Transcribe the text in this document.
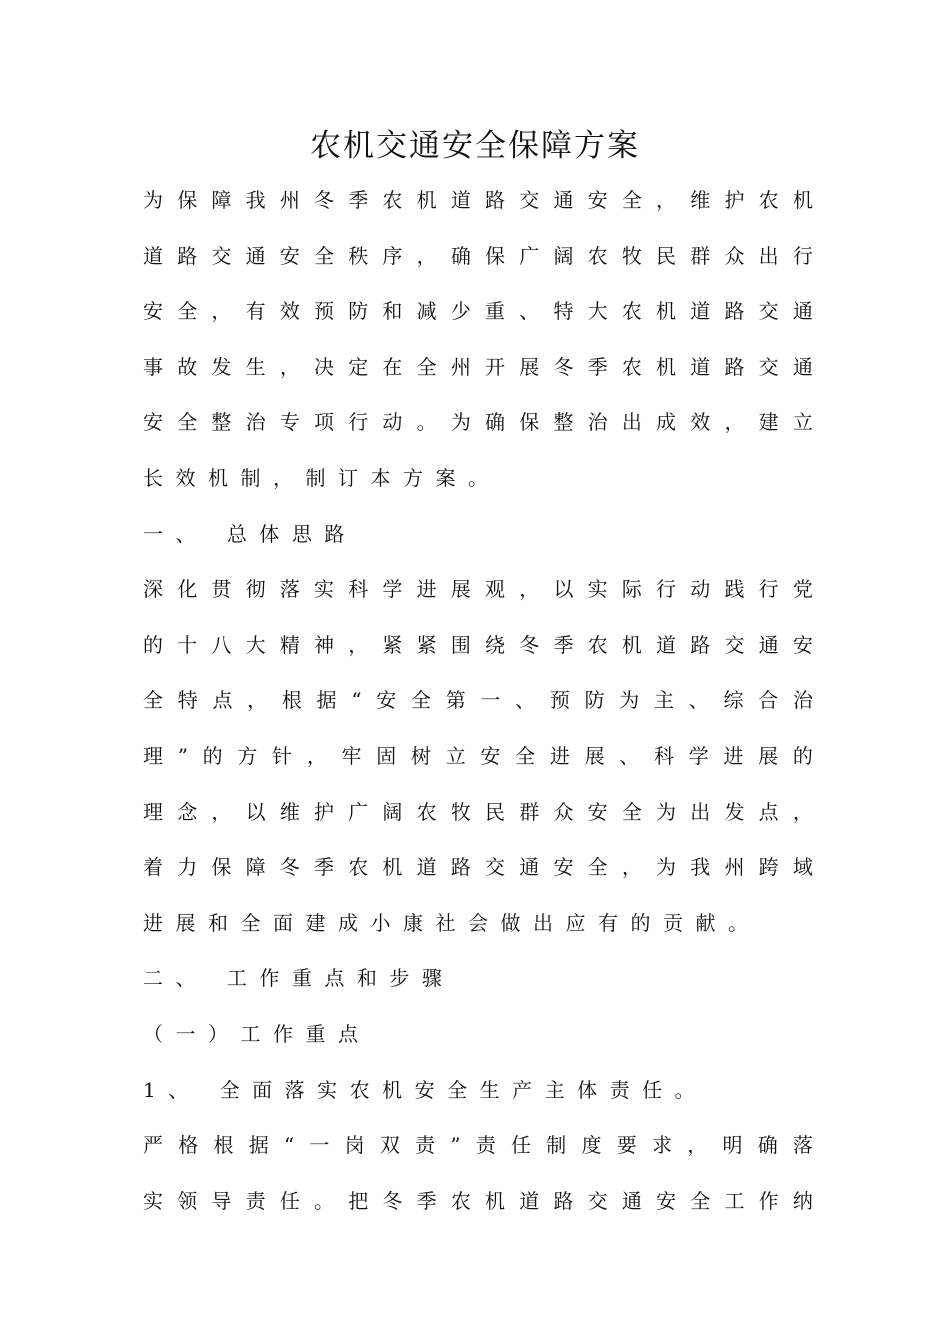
农机交通安全保障方案
为 保 障 我 州 冬 季 农 机 道 路 交 通 安 全 ， 维 护 农 机
道 路 交 通 安 全 秩 序 ， 确 保 广 阔 农 牧 民 群 众 出 行
安 全 ， 有 效 预 防 和 减 少 重 、 特 大 农 机 道 路 交 通
事 故 发 生 ， 决 定 在 全 州 开 展 冬 季 农 机 道 路 交 通
安 全 整 治 专 项 行 动 。 为 确 保 整 治 出 成 效 ， 建 立
长效机制，制订本方案。
一、 总体思路
深 化 贯 彻 落 实 科 学 进 展 观 ， 以 实 际 行 动 践 行 党
的 十 八 大 精 神 ， 紧 紧 围 绕 冬 季 农 机 道 路 交 通 安
全 特 点 ， 根 据 “ 安 全 第 一 、 预 防 为 主 、 综 合 治
理 ” 的 方 针 ， 牢 固 树 立 安 全 进 展 、 科 学 进 展 的
理 念 ， 以 维 护 广 阔 农 牧 民 群 众 安 全 为 出 发 点 ，
着 力 保 障 冬 季 农 机 道 路 交 通 安 全 ， 为 我 州 跨 域
进展和全面建成小康社会做出应有的贡献。
二、 工作重点和步骤
（一）工作重点
1、 全面落实农机安全生产主体责任。
严 格 根 据 “ 一 岗 双 责 ” 责 任 制 度 要 求 ， 明 确 落
实 领 导 责 任 。 把 冬 季 农 机 道 路 交 通 安 全 工 作 纳
